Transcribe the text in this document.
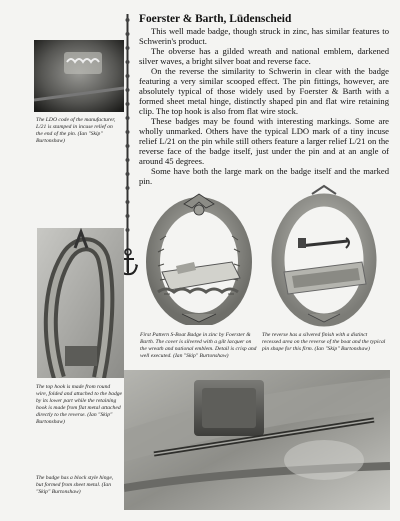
The LDO code of the manufacturer, L/21 is stamped in incuse relief on the end of the pin. (Ian "Skip" Burtonshaw)
The top hook is made from round wire, folded and attached to the badge by its lower part while the retaining hook is made from flat metal attached directly to the reverse. (Ian "Skip" Burtonshaw)
The badge has a block style hinge, but formed from sheet metal. (Ian "Skip" Burtonshaw)
Foerster & Barth, Lüdenscheid

This well made badge, though struck in zinc, has similar features to Schwerin's product.

The obverse has a gilded wreath and national emblem, darkened silver waves, a bright silver boat and reverse face.

On the reverse the similarity to Schwerin in clear with the badge featuring a very similar scooped effect. The pin fittings, however, are absolutely typical of those widely used by Foerster & Barth with a formed sheet metal hinge, distinctly shaped pin and flat wire retaining clip. The top hook is also from flat wire stock.

These badges may be found with interesting markings. Some are wholly unmarked. Others have the typical LDO mark of a tiny incuse relief L/21 on the pin while still others feature a larger relief L/21 on the reverse face of the badge itself, just under the pin and at an angle of around 45 degrees.

Some have both the large mark on the badge itself and the marked pin.

First Pattern S-Boat Badge in zinc by Foerster & Barth. The cover is silvered with a gilt lacquer on the wreath and national emblem. Detail is crisp and well executed. (Ian "Skip" Burtonshaw)
The reverse has a silvered finish with a distinct recessed area on the reverse of the boat and the typical pin shape for this firm. (Ian "Skip" Burtonshaw)
